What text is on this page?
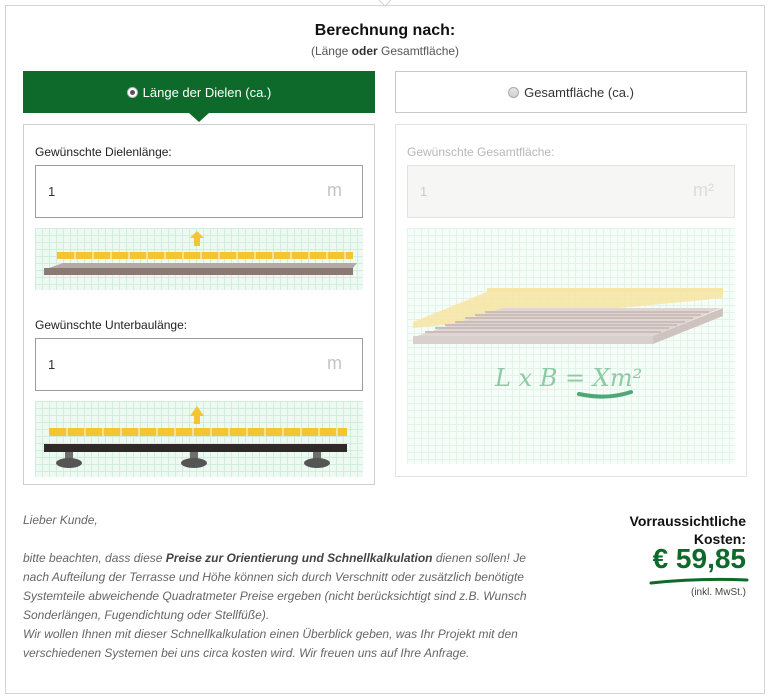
Berechnung nach:
(Länge oder Gesamtfläche)
Länge der Dielen (ca.)	Gesamtfläche (ca.)
Gewünschte Dielenlänge:
1	m
Gewünschte Unterbaulänge:
1	m
Gewünschte Gesamtfläche:
1	m²
L x B = Xm²
Lieber Kunde,
bitte beachten, dass diese Preise zur Orientierung und Schnellkalkulation dienen sollen! Je nach Aufteilung der Terrasse und Höhe können sich durch Verschnitt oder zusätzlich benötigte Systemteile abweichende Quadratmeter Preise ergeben (nicht berücksichtigt sind z.B. Wunsch Sonderlängen, Fugendichtung oder Stellfüße).
Wir wollen Ihnen mit dieser Schnellkalkulation einen Überblick geben, was Ihr Projekt mit den verschiedenen Systemen bei uns circa kosten wird. Wir freuen uns auf Ihre Anfrage.
Vorraussichtliche
Kosten:
€ 59,85
(inkl. MwSt.)
